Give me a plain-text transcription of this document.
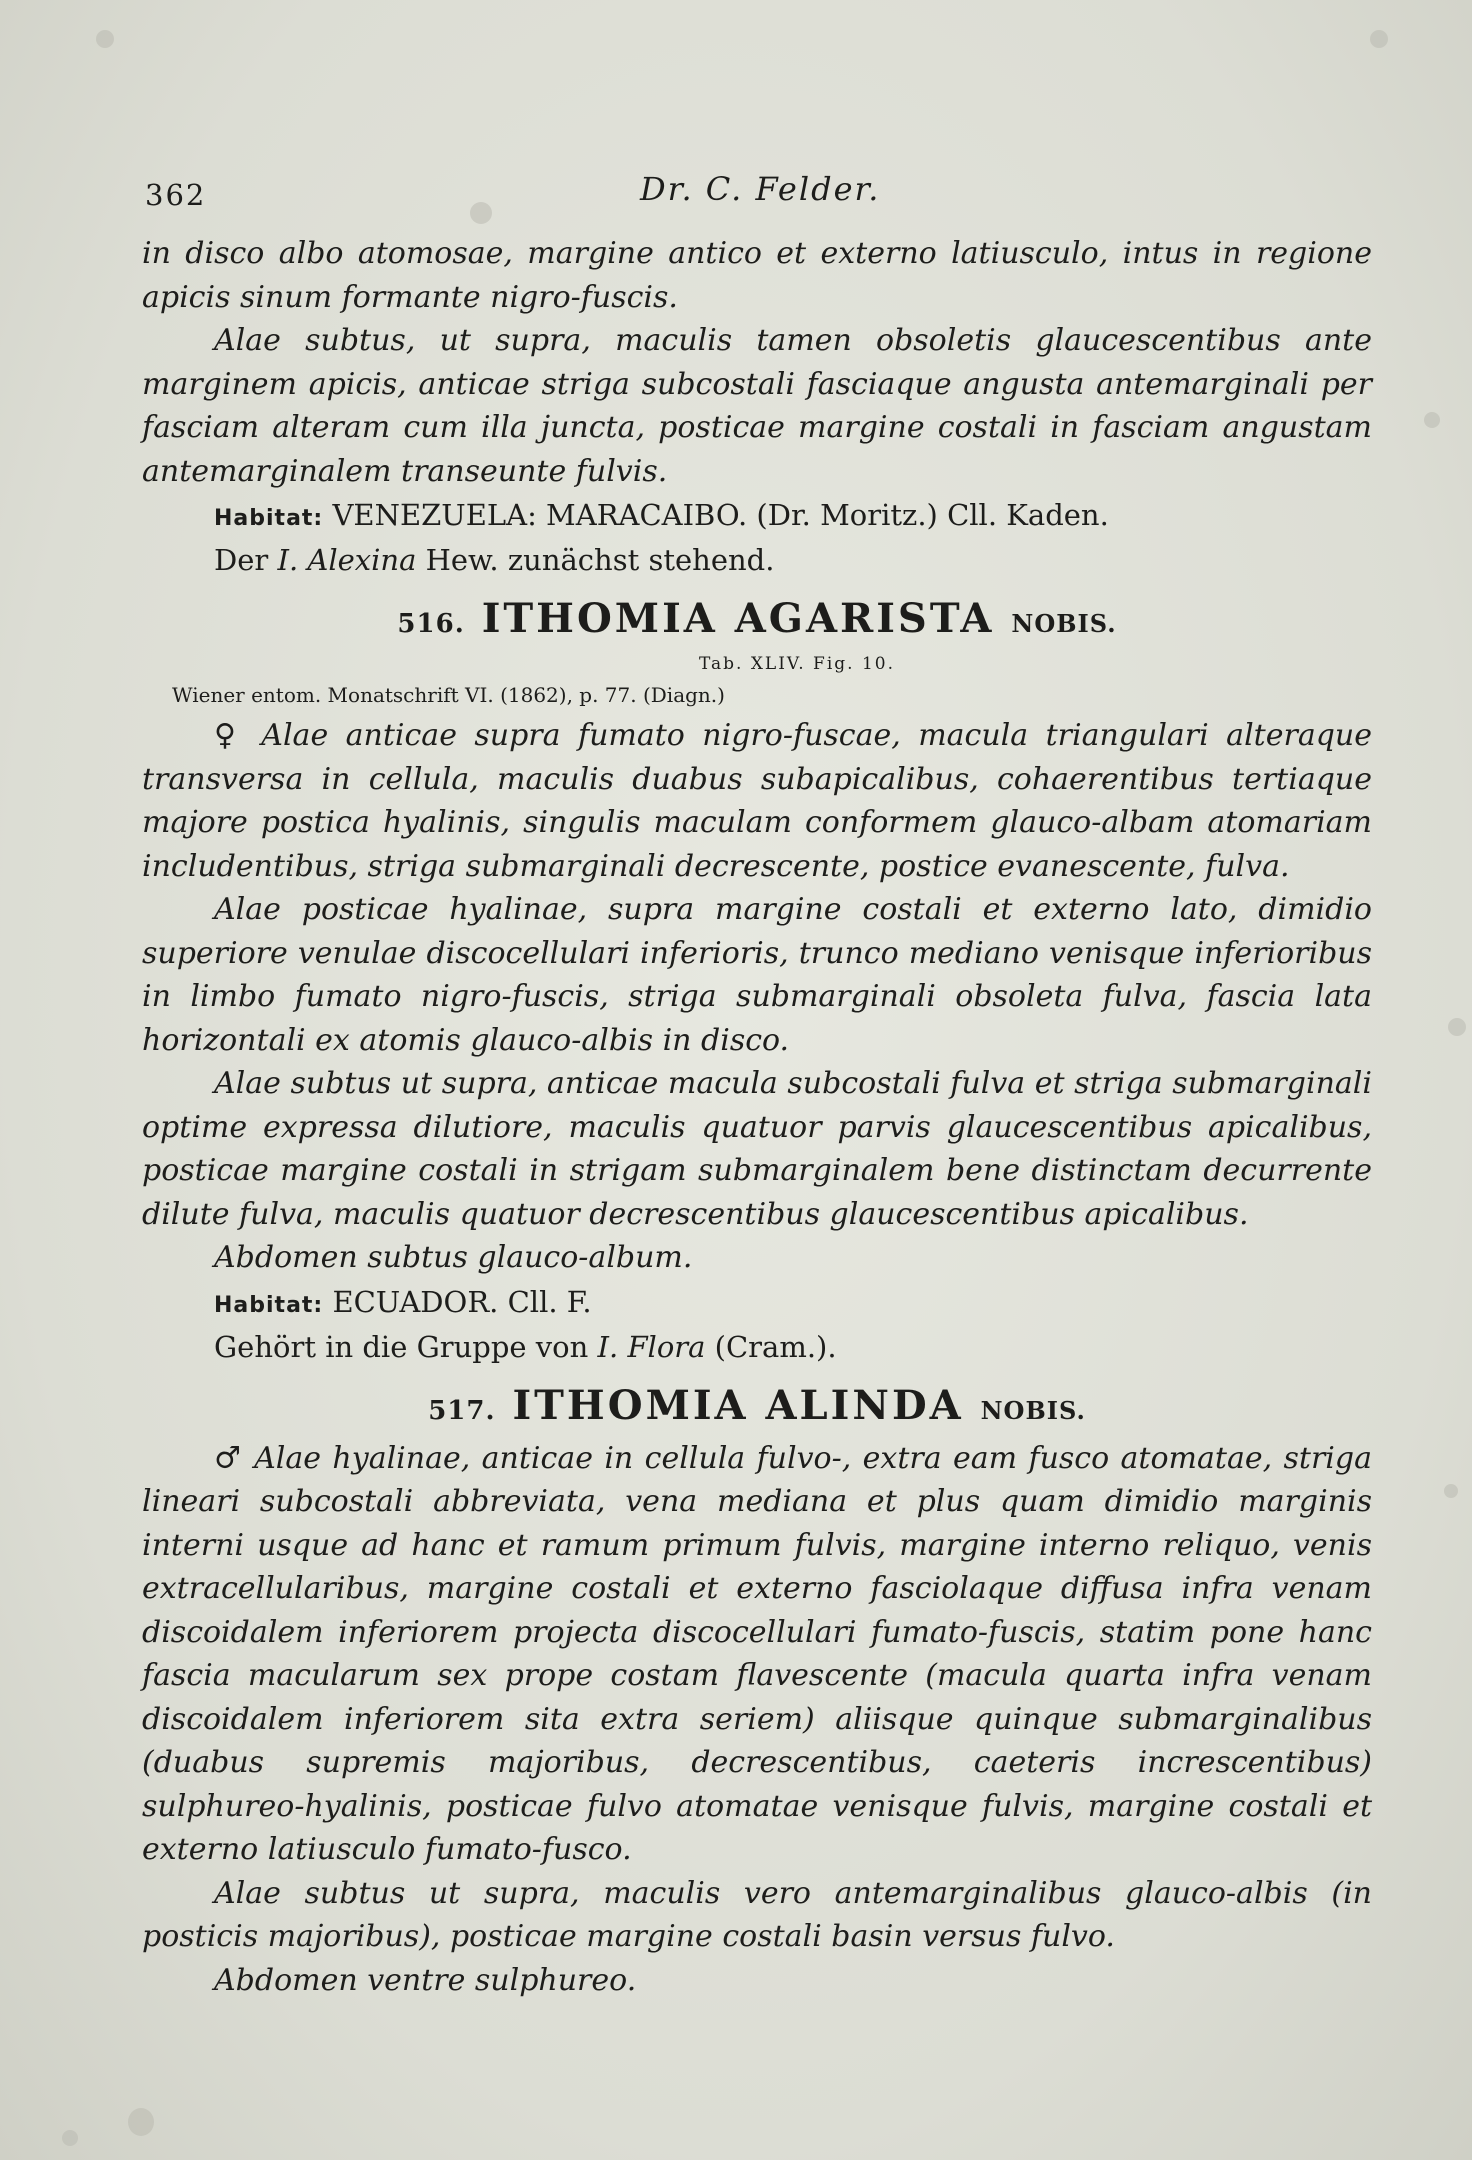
362	Dr. C. Felder.

in disco albo atomosae, margine antico et externo latiusculo, intus in regione apicis sinum formante nigro-fuscis.

Alae subtus, ut supra, maculis tamen obsoletis glaucescentibus ante marginem apicis, anticae striga subcostali fasciaque angusta antemarginali per fasciam alteram cum illa juncta, posticae margine costali in fasciam angustam antemarginalem transeunte fulvis.

Habitat: VENEZUELA: MARACAIBO. (Dr. Moritz.) Cll. Kaden.

Der I. Alexina Hew. zunächst stehend.

516. ITHOMIA AGARISTA NOBIS.

Tab. XLIV. Fig. 10.

Wiener entom. Monatschrift VI. (1862), p. 77. (Diagn.)

♀ Alae anticae supra fumato nigro-fuscae, macula triangulari alteraque transversa in cellula, maculis duabus subapicalibus, cohaerentibus tertiaque majore postica hyalinis, singulis maculam conformem glauco-albam atomariam includentibus, striga submarginali decrescente, postice evanescente, fulva.

Alae posticae hyalinae, supra margine costali et externo lato, dimidio superiore venulae discocellulari inferioris, trunco mediano venisque inferioribus in limbo fumato nigro-fuscis, striga submarginali obsoleta fulva, fascia lata horizontali ex atomis glauco-albis in disco.

Alae subtus ut supra, anticae macula subcostali fulva et striga submarginali optime expressa dilutiore, maculis quatuor parvis glaucescentibus apicalibus, posticae margine costali in strigam submarginalem bene distinctam decurrente dilute fulva, maculis quatuor decrescentibus glaucescentibus apicalibus.

Abdomen subtus glauco-album.

Habitat: ECUADOR. Cll. F.

Gehört in die Gruppe von I. Flora (Cram.).

517. ITHOMIA ALINDA NOBIS.

♂ Alae hyalinae, anticae in cellula fulvo-, extra eam fusco atomatae, striga lineari subcostali abbreviata, vena mediana et plus quam dimidio marginis interni usque ad hanc et ramum primum fulvis, margine interno reliquo, venis extracellularibus, margine costali et externo fasciolaque diffusa infra venam discoidalem inferiorem projecta discocellulari fumato-fuscis, statim pone hanc fascia macularum sex prope costam flavescente (macula quarta infra venam discoidalem inferiorem sita extra seriem) aliisque quinque submarginalibus (duabus supremis majoribus, decrescentibus, caeteris increscentibus) sulphureo-hyalinis, posticae fulvo atomatae venisque fulvis, margine costali et externo latiusculo fumato-fusco.

Alae subtus ut supra, maculis vero antemarginalibus glauco-albis (in posticis majoribus), posticae margine costali basin versus fulvo.

Abdomen ventre sulphureo.
